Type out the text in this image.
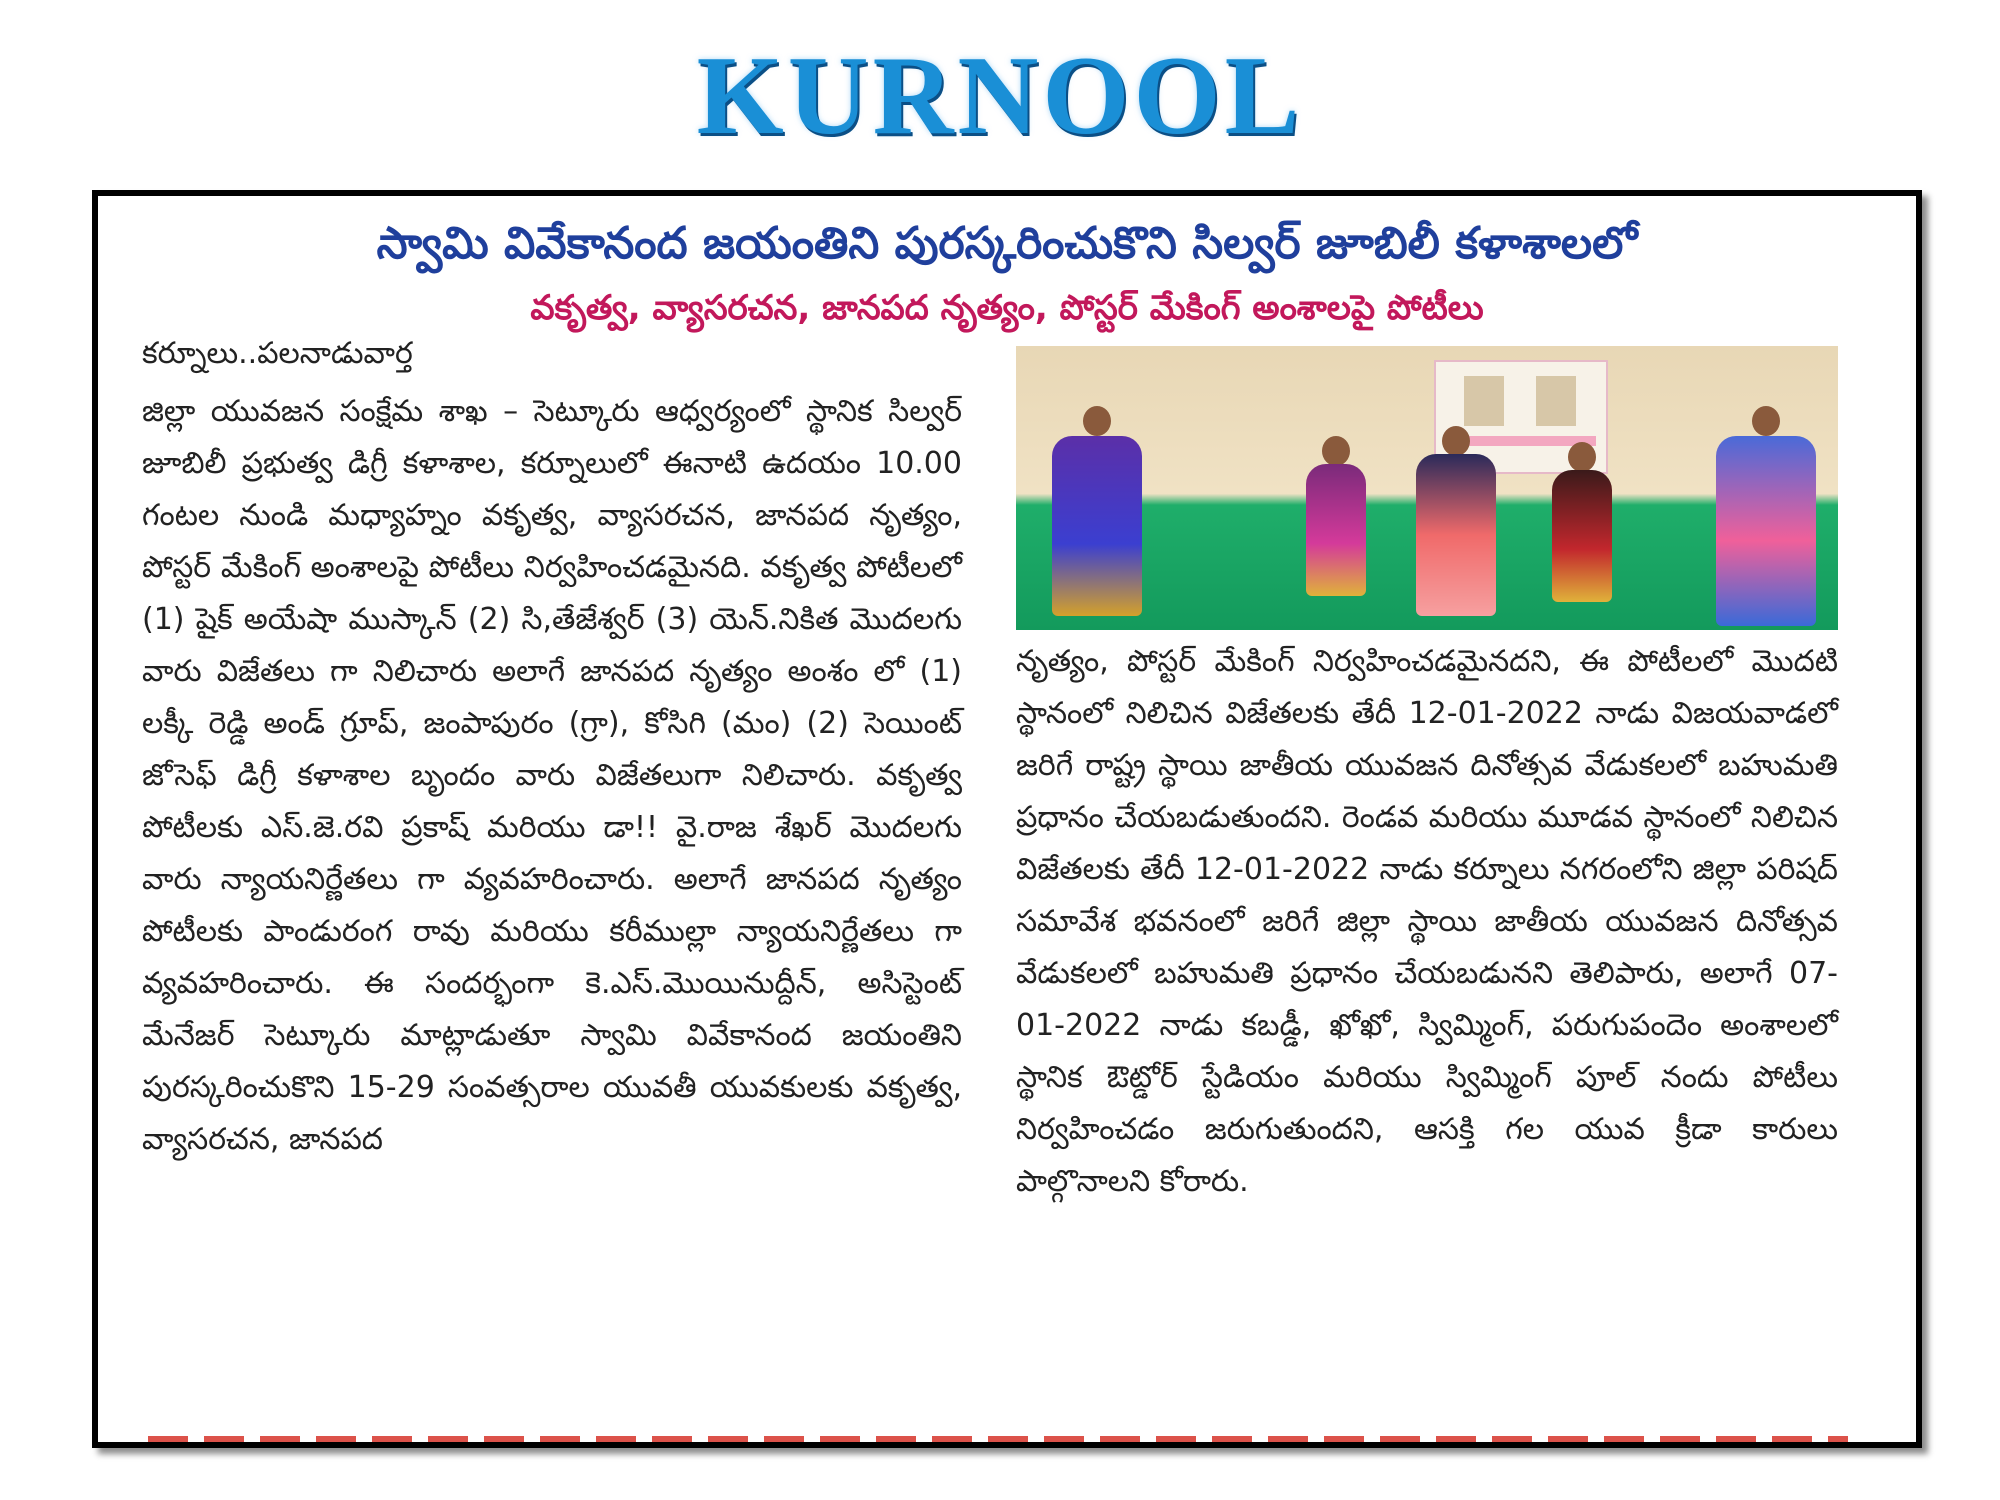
KURNOOL
స్వామి వివేకానంద జయంతిని పురస్కరించుకొని సిల్వర్ జూబిలీ కళాశాలలో
వకృత్వ, వ్యాసరచన, జానపద నృత్యం, పోస్టర్ మేకింగ్ అంశాలపై పోటీలు
కర్నూలు..పలనాడువార్త

జిల్లా యువజన సంక్షేమ శాఖ – సెట్కూరు ఆధ్వర్యంలో స్థానిక సిల్వర్ జూబిలీ ప్రభుత్వ డిగ్రీ కళాశాల, కర్నూలులో ఈనాటి ఉదయం 10.00 గంటల నుండి మధ్యాహ్నం వకృత్వ, వ్యాసరచన, జానపద నృత్యం, పోస్టర్ మేకింగ్ అంశాలపై పోటీలు నిర్వహించడమైనది. వకృత్వ పోటీలలో (1) షైక్ అయేషా ముస్కాన్ (2) సి,తేజేశ్వర్ (3) యెన్.నికిత మొదలగు వారు విజేతలు గా నిలిచారు అలాగే జానపద నృత్యం అంశం లో (1) లక్కీ రెడ్డి అండ్ గ్రూప్, జంపాపురం (గ్రా), కోసిగి (మం) (2) సెయింట్ జోసెఫ్ డిగ్రీ కళాశాల బృందం వారు విజేతలుగా నిలిచారు. వకృత్వ పోటీలకు ఎస్.జె.రవి ప్రకాష్ మరియు డా!! వై.రాజ శేఖర్ మొదలగు వారు న్యాయనిర్ణేతలు గా వ్యవహరించారు. అలాగే జానపద నృత్యం పోటీలకు పాండురంగ రావు మరియు కరీముల్లా న్యాయనిర్ణేతలు గా వ్యవహరించారు. ఈ సందర్భంగా కె.ఎస్.మొయినుద్దీన్, అసిస్టెంట్ మేనేజర్ సెట్కూరు మాట్లాడుతూ స్వామి వివేకానంద జయంతిని పురస్కరించుకొని 15-29 సంవత్సరాల యువతీ యువకులకు వకృత్వ, వ్యాసరచన, జానపద

నృత్యం, పోస్టర్ మేకింగ్ నిర్వహించడమైనదని, ఈ పోటీలలో మొదటి స్థానంలో నిలిచిన విజేతలకు తేదీ 12-01-2022 నాడు విజయవాడలో జరిగే రాష్ట్ర స్థాయి జాతీయ యువజన దినోత్సవ వేడుకలలో బహుమతి ప్రధానం చేయబడుతుందని. రెండవ మరియు మూడవ స్థానంలో నిలిచిన విజేతలకు తేదీ 12-01-2022 నాడు కర్నూలు నగరంలోని జిల్లా పరిషద్ సమావేశ భవనంలో జరిగే జిల్లా స్థాయి జాతీయ యువజన దినోత్సవ వేడుకలలో బహుమతి ప్రధానం చేయబడునని తెలిపారు, అలాగే 07-01-2022 నాడు కబడ్డీ, ఖోఖో, స్విమ్మింగ్, పరుగుపందెం అంశాలలో స్థానిక ఔట్డోర్ స్టేడియం మరియు స్విమ్మింగ్ పూల్ నందు పోటీలు నిర్వహించడం జరుగుతుందని, ఆసక్తి గల యువ క్రీడా కారులు పాల్గొనాలని కోరారు.
